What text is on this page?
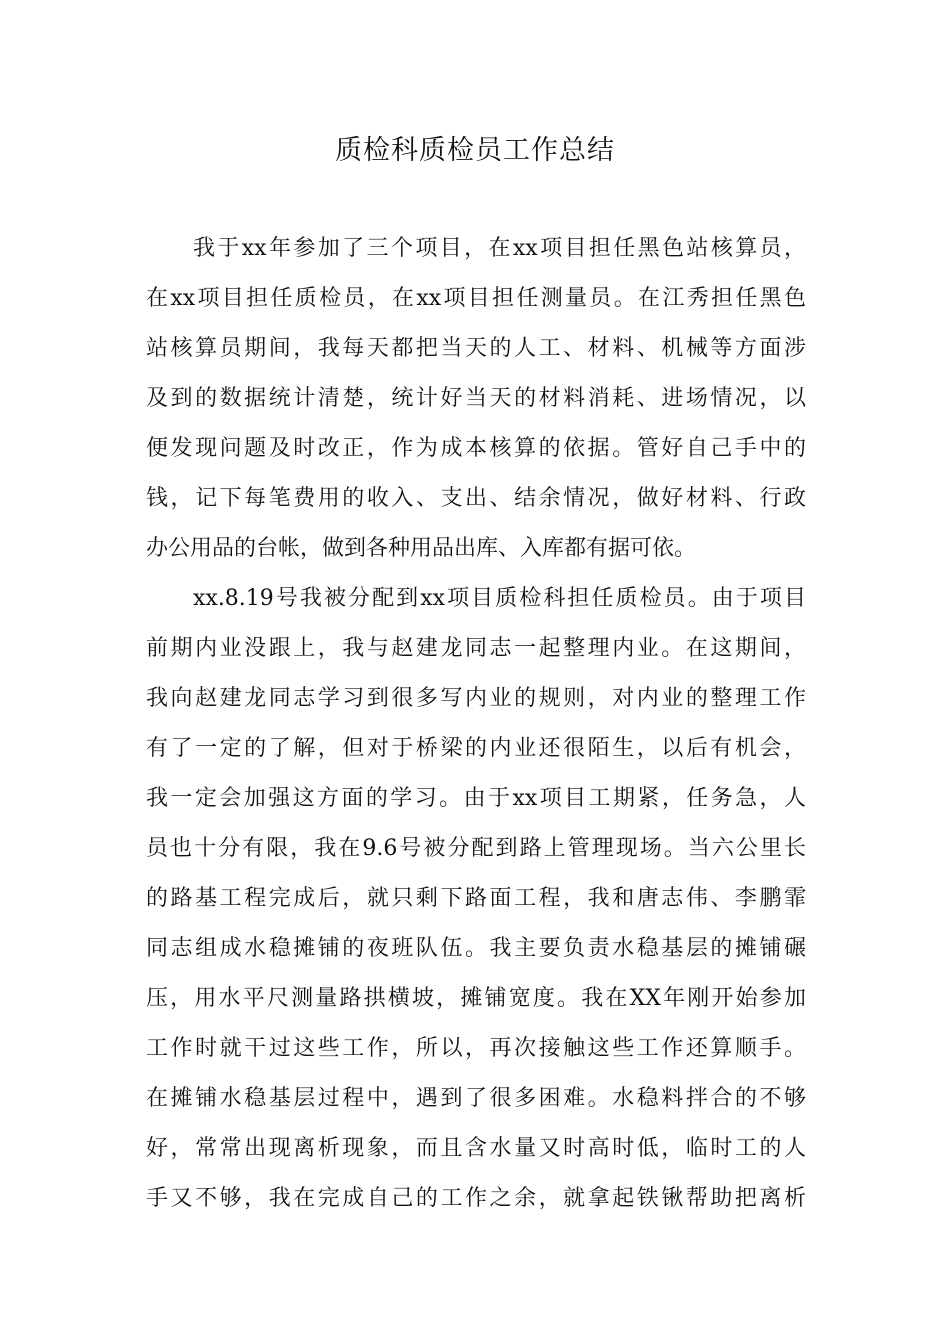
质检科质检员工作总结

我于xx年参加了三个项目，在xx项目担任黑色站核算员，

在xx项目担任质检员，在xx项目担任测量员。在江秀担任黑色

站核算员期间，我每天都把当天的人工、材料、机械等方面涉

及到的数据统计清楚，统计好当天的材料消耗、进场情况，以

便发现问题及时改正，作为成本核算的依据。管好自己手中的

钱，记下每笔费用的收入、支出、结余情况，做好材料、行政

办公用品的台帐，做到各种用品出库、入库都有据可依。

xx.8.19号我被分配到xx项目质检科担任质检员。由于项目

前期内业没跟上，我与赵建龙同志一起整理内业。在这期间，

我向赵建龙同志学习到很多写内业的规则，对内业的整理工作

有了一定的了解，但对于桥梁的内业还很陌生，以后有机会，

我一定会加强这方面的学习。由于xx项目工期紧，任务急，人

员也十分有限，我在9.6号被分配到路上管理现场。当六公里长

的路基工程完成后，就只剩下路面工程，我和唐志伟、李鹏霏

同志组成水稳摊铺的夜班队伍。我主要负责水稳基层的摊铺碾

压，用水平尺测量路拱横坡，摊铺宽度。我在XX年刚开始参加

工作时就干过这些工作，所以，再次接触这些工作还算顺手。

在摊铺水稳基层过程中，遇到了很多困难。水稳料拌合的不够

好，常常出现离析现象，而且含水量又时高时低，临时工的人

手又不够，我在完成自己的工作之余，就拿起铁锹帮助把离析
